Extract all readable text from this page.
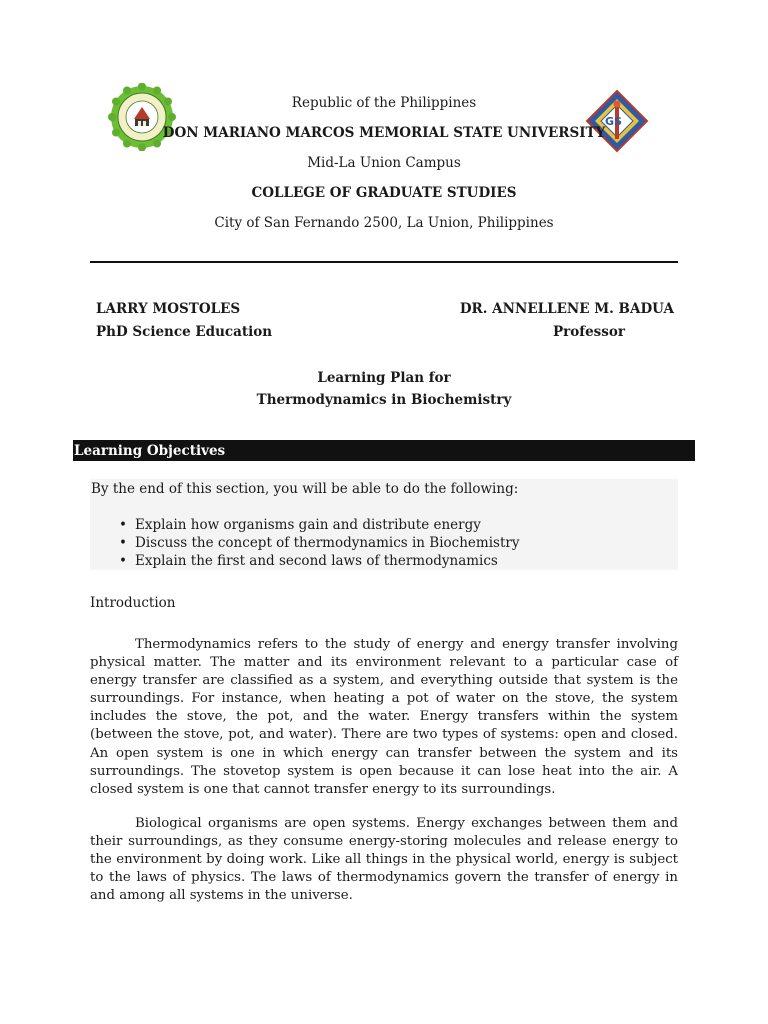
GS
Republic of the Philippines
DON MARIANO MARCOS MEMORIAL STATE UNIVERSITY
Mid-La Union Campus
COLLEGE OF GRADUATE STUDIES
City of San Fernando 2500, La Union, Philippines
LARRY MOSTOLES
PhD Science Education
DR. ANNELLENE M. BADUA
Professor
Learning Plan for
Thermodynamics in Biochemistry
Learning Objectives
By the end of this section, you will be able to do the following:
• Explain how organisms gain and distribute energy
• Discuss the concept of thermodynamics in Biochemistry
• Explain the first and second laws of thermodynamics
Introduction

Thermodynamics refers to the study of energy and energy transfer involving physical matter. The matter and its environment relevant to a particular case of energy transfer are classified as a system, and everything outside that system is the surroundings. For instance, when heating a pot of water on the stove, the system includes the stove, the pot, and the water. Energy transfers within the system (between the stove, pot, and water). There are two types of systems: open and closed. An open system is one in which energy can transfer between the system and its surroundings. The stovetop system is open because it can lose heat into the air. A closed system is one that cannot transfer energy to its surroundings.

Biological organisms are open systems. Energy exchanges between them and their surroundings, as they consume energy-storing molecules and release energy to the environment by doing work. Like all things in the physical world, energy is subject to the laws of physics. The laws of thermodynamics govern the transfer of energy in and among all systems in the universe.
